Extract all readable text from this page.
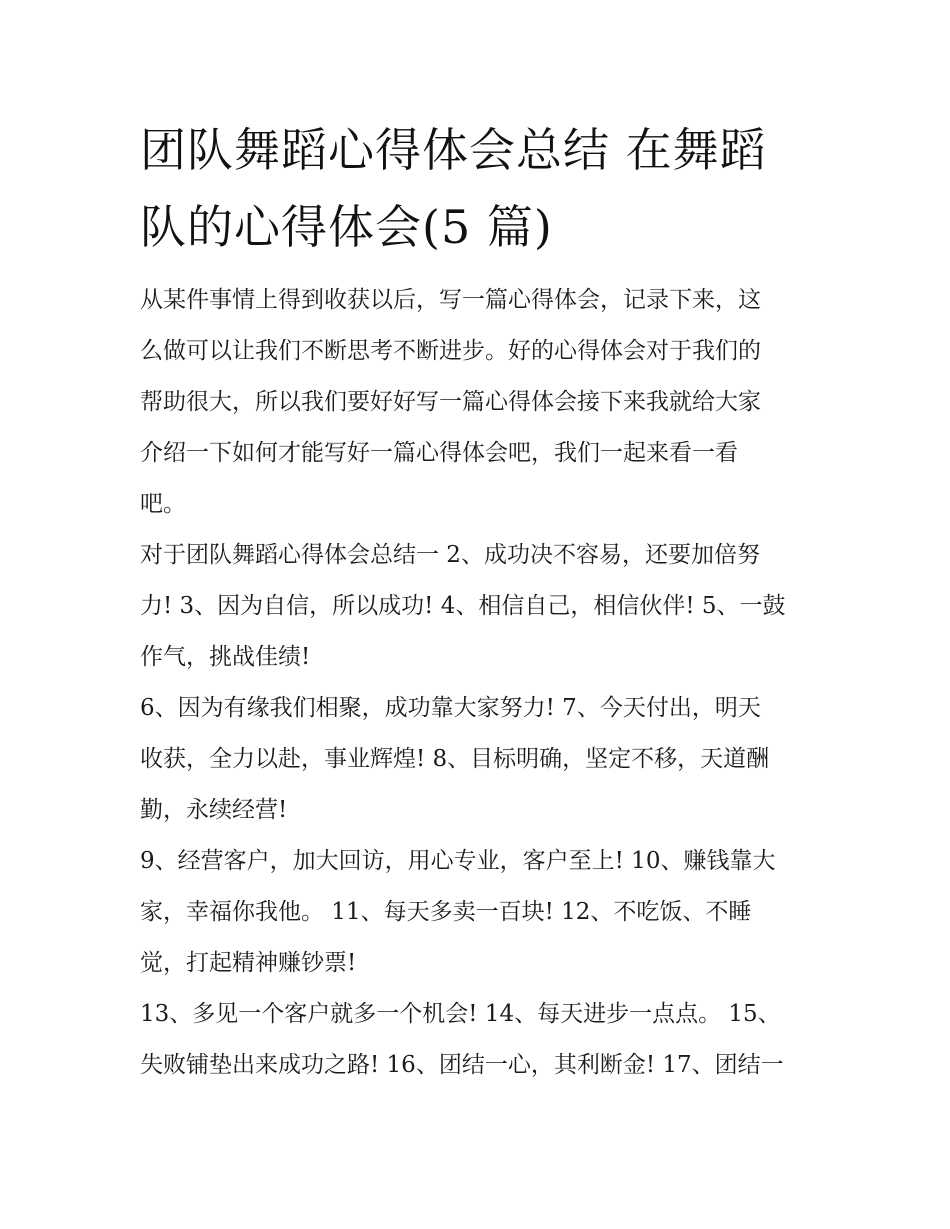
团队舞蹈心得体会总结 在舞蹈
队的心得体会(5 篇)

从某件事情上得到收获以后，写一篇心得体会，记录下来，这
么做可以让我们不断思考不断进步。好的心得体会对于我们的
帮助很大，所以我们要好好写一篇心得体会接下来我就给大家
介绍一下如何才能写好一篇心得体会吧，我们一起来看一看
吧。

对于团队舞蹈心得体会总结一 2、成功决不容易，还要加倍努
力! 3、因为自信，所以成功! 4、相信自己，相信伙伴! 5、一鼓
作气，挑战佳绩!

6、因为有缘我们相聚，成功靠大家努力! 7、今天付出，明天
收获，全力以赴，事业辉煌! 8、目标明确，坚定不移，天道酬
勤，永续经营!

9、经营客户，加大回访，用心专业，客户至上! 10、赚钱靠大
家，幸福你我他。 11、每天多卖一百块! 12、不吃饭、不睡
觉，打起精神赚钞票!

13、多见一个客户就多一个机会! 14、每天进步一点点。 15、
失败铺垫出来成功之路! 16、团结一心，其利断金! 17、团结一
